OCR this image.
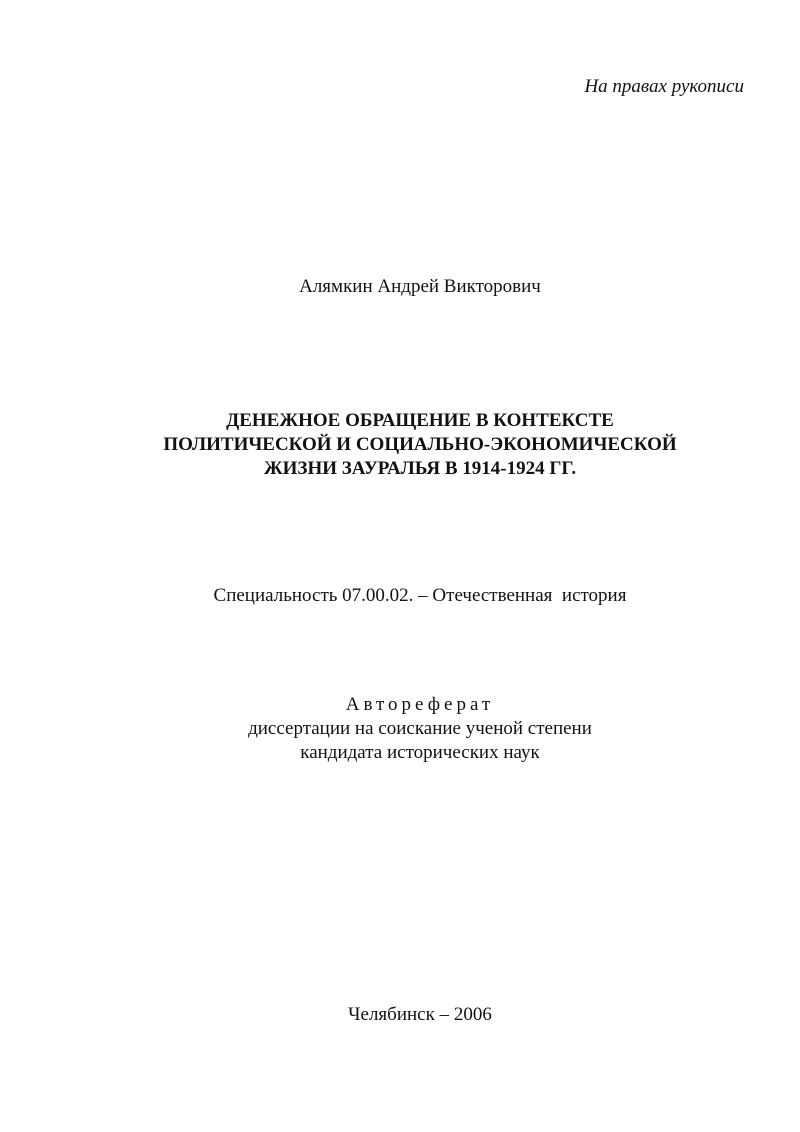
На правах рукописи

Алямкин Андрей Викторович

ДЕНЕЖНОЕ ОБРАЩЕНИЕ В КОНТЕКСТЕ
ПОЛИТИЧЕСКОЙ И СОЦИАЛЬНО-ЭКОНОМИЧЕСКОЙ
ЖИЗНИ ЗАУРАЛЬЯ В 1914-1924 ГГ.

Специальность 07.00.02. – Отечественная  история

Автореферат
диссертации на соискание ученой степени
кандидата исторических наук

Челябинск – 2006
